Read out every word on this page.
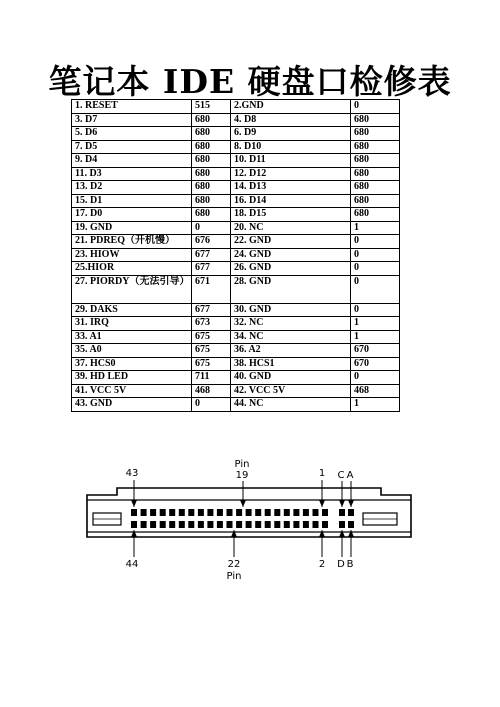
笔记本 IDE 硬盘口检修表
1. RESET	515	2.GND	0
3. D7	680	4. D8	680
5. D6	680	6. D9	680
7. D5	680	8. D10	680
9. D4	680	10. D11	680
11. D3	680	12. D12	680
13. D2	680	14. D13	680
15. D1	680	16. D14	680
17. D0	680	18. D15	680
19. GND	0	20. NC	1
21. PDREQ（开机慢）	676	22. GND	0
23. HIOW	677	24. GND	0
25.HIOR	677	26. GND	0
27. PIORDY（无法引导）	671	28. GND	0
29. DAKS	677	30. GND	0
31. IRQ	673	32. NC	1
33. A1	675	34. NC	1
35. A0	675	36. A2	670
37. HCS0	675	38. HCS1	670
39. HD LED	711	40. GND	0
41. VCC 5V	468	42. VCC 5V	468
43. GND	0	44. NC	1
43
Pin
19	1 C A
44	22
Pin
2 D B
